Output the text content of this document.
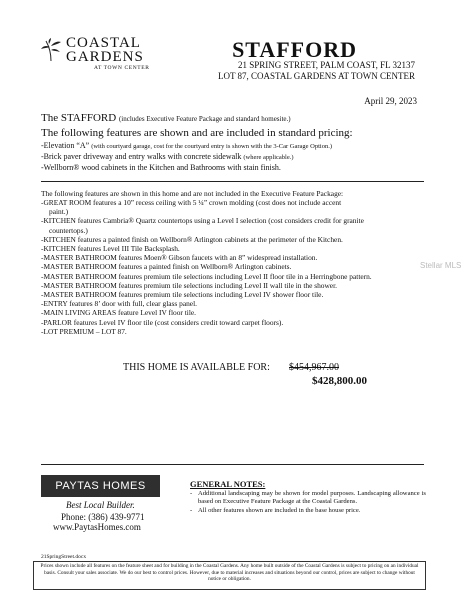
COASTAL
GARDENS
AT TOWN CENTER
STAFFORD
21 SPRING STREET, PALM COAST, FL 32137
LOT 87, COASTAL GARDENS AT TOWN CENTER
April 29, 2023
The STAFFORD (includes Executive Feature Package and standard homesite.)
The following features are shown and are included in standard pricing:
-Elevation “A” (with courtyard garage, cost for the courtyard entry is shown with the 3-Car Garage Option.)
-Brick paver driveway and entry walks with concrete sidewalk (where applicable.)
-Wellborn® wood cabinets in the Kitchen and Bathrooms with stain finish.
The following features are shown in this home and are not included in the Executive Feature Package:
-GREAT ROOM features a 10” recess ceiling with 5 ¼” crown molding (cost does not include accent
paint.)
-KITCHEN features Cambria® Quartz countertops using a Level I selection (cost considers credit for granite
countertops.)
-KITCHEN features a painted finish on Wellborn® Arlington cabinets at the perimeter of the Kitchen.
-KITCHEN features Level III Tile Backsplash.
-MASTER BATHROOM features Moen® Gibson faucets with an 8” widespread installation.
-MASTER BATHROOM features a painted finish on Wellborn® Arlington cabinets.
-MASTER BATHROOM features premium tile selections including Level II floor tile in a Herringbone pattern.
-MASTER BATHROOM features premium tile selections including Level II wall tile in the shower.
-MASTER BATHROOM features premium tile selections including Level IV shower floor tile.
-ENTRY features 8’ door with full, clear glass panel.
-MAIN LIVING AREAS feature Level IV floor tile.
-PARLOR features Level IV floor tile (cost considers credit toward carpet floors).
-LOT PREMIUM – LOT 87.
THIS HOME IS AVAILABLE FOR: $454,967.00
$428,800.00
PAYTAS HOMES
Best Local Builder.
Phone: (386) 439-9771
www.PaytasHomes.com
GENERAL NOTES:
- Additional landscaping may be shown for model purposes. Landscaping allowance is based on Executive Feature Package at the Coastal Gardens.
- All other features shown are included in the base house price.
21SpringStreet.docx
Prices shown include all features on the feature sheet and for building in the Coastal Gardens. Any home built outside of the Coastal Gardens is subject to pricing on an individual basis. Consult your sales associate. We do our best to control prices. However, due to material increases and situations beyond our control, prices are subject to change without notice or obligation.
Stellar MLS
